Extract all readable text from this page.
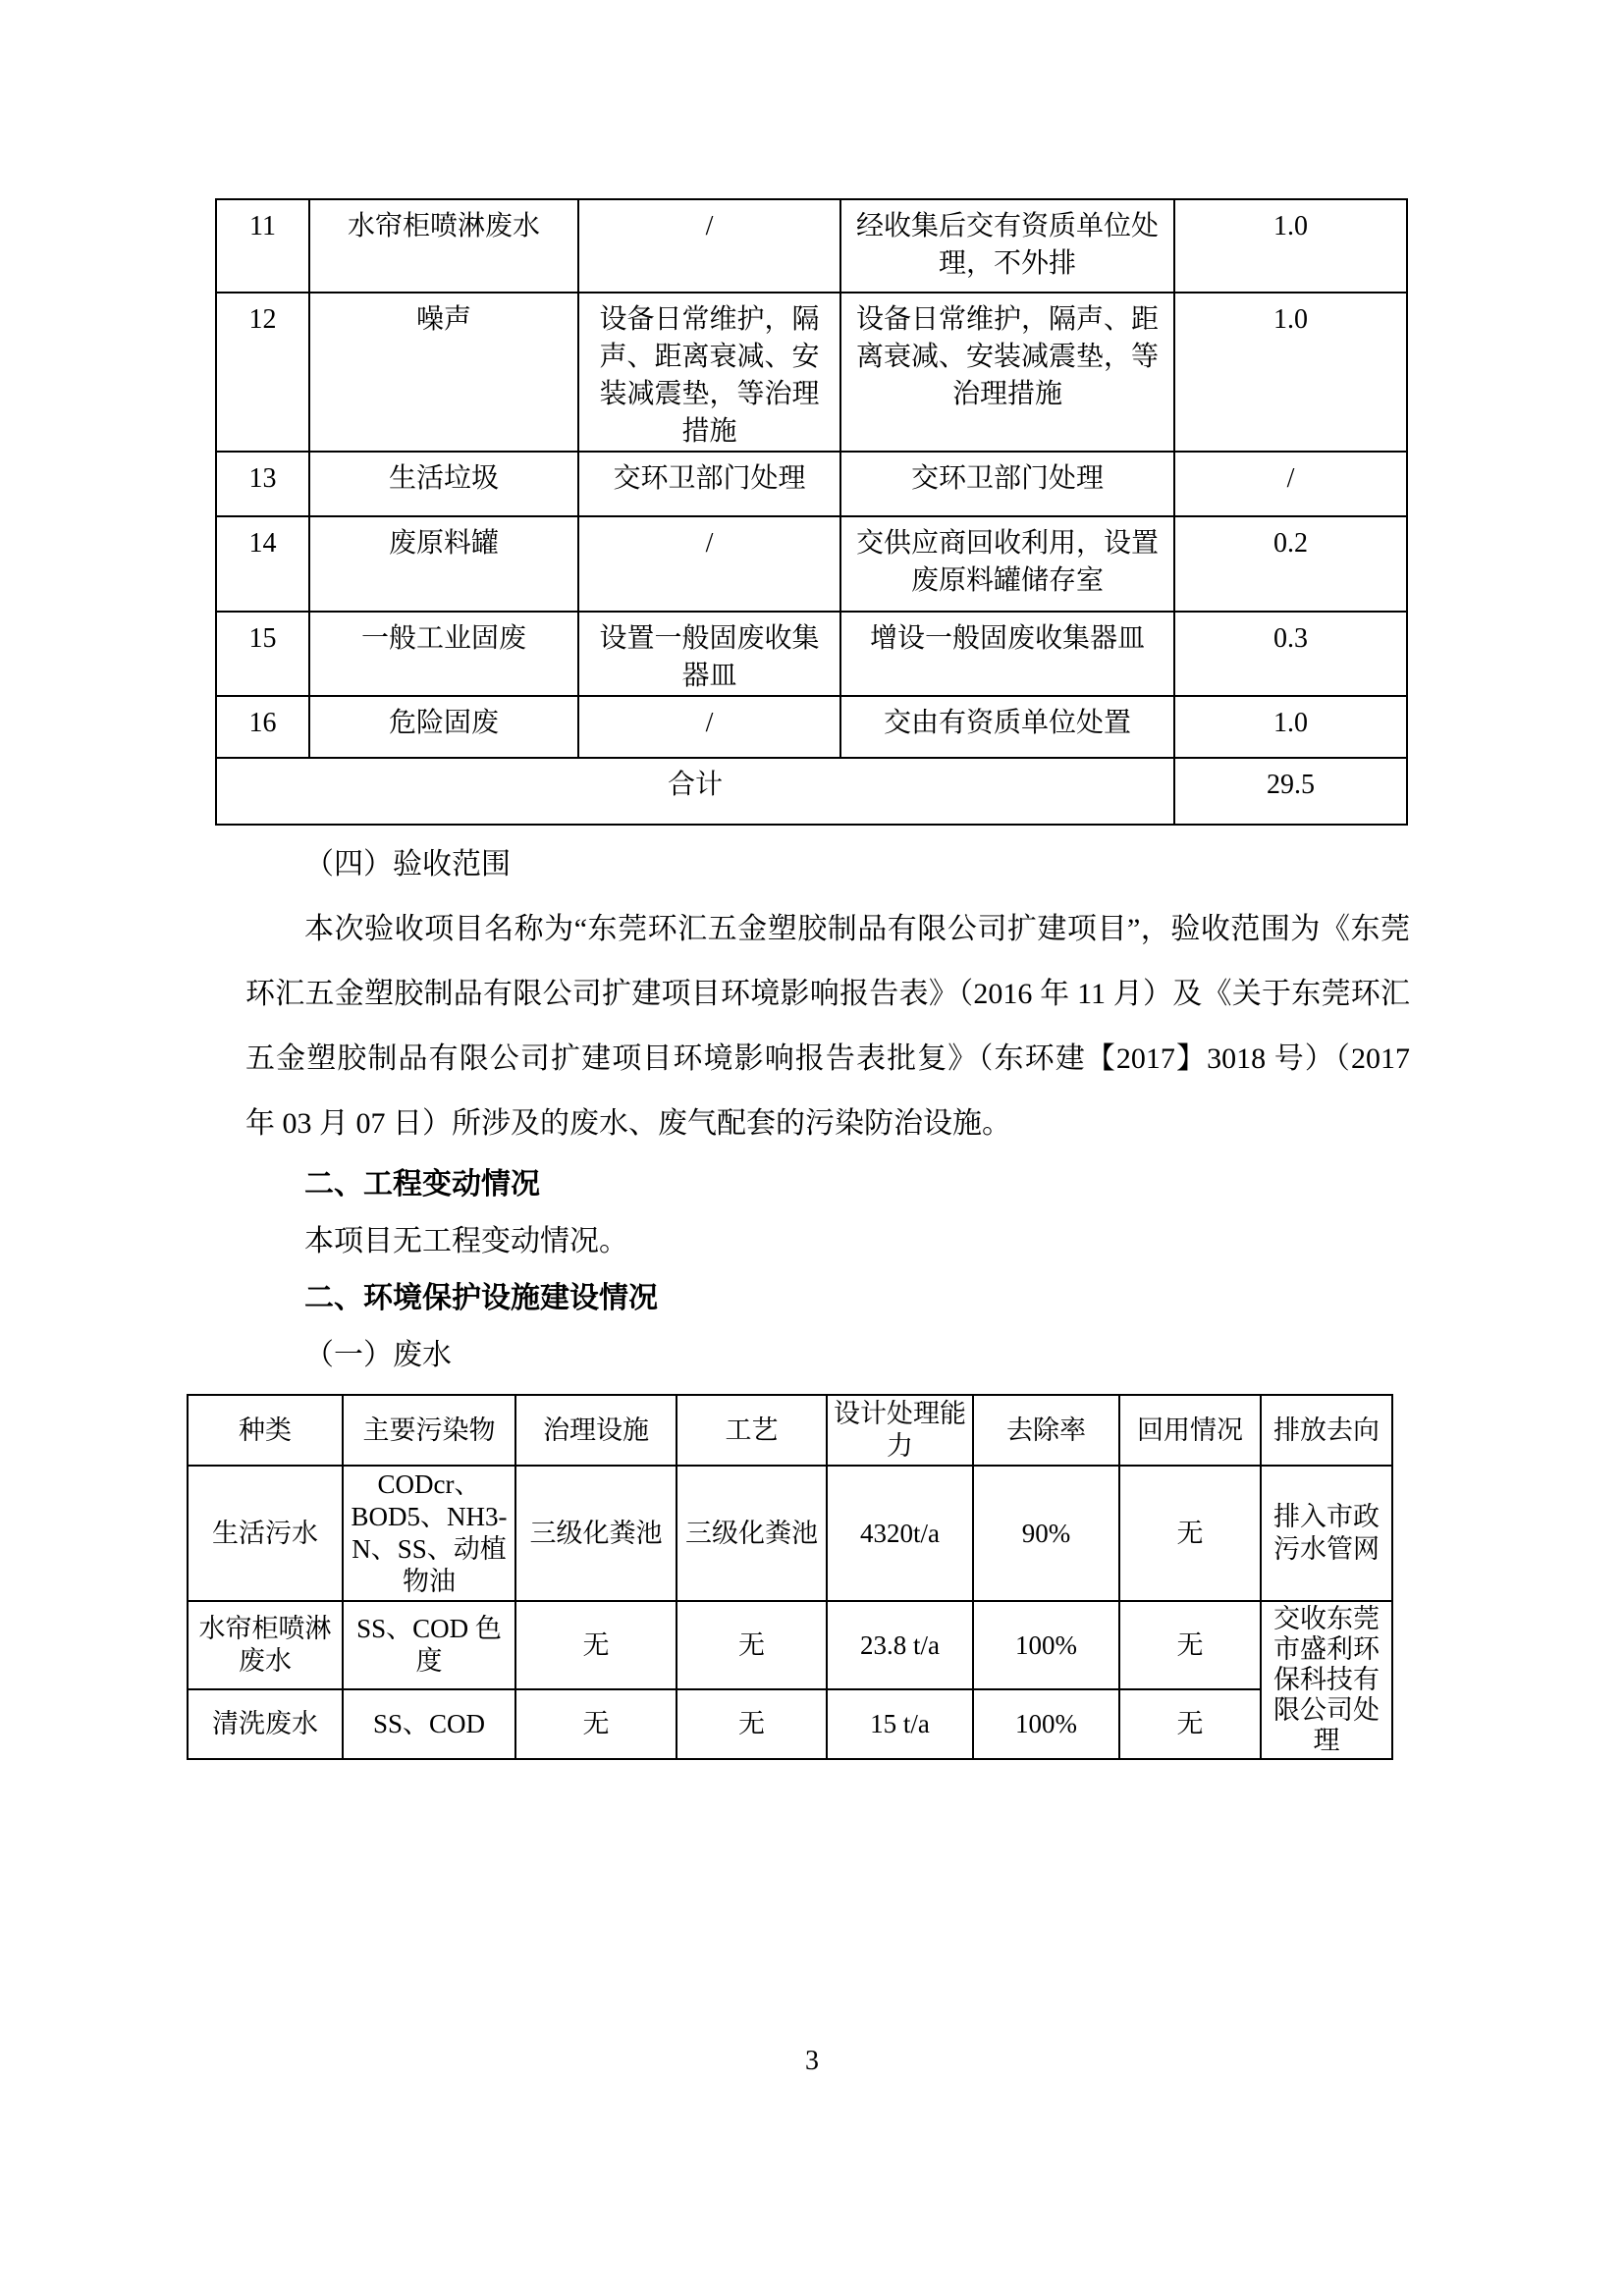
11	水帘柜喷淋废水	/	经收集后交有资质单位处理，不外排	1.0
12	噪声	设备日常维护，隔声、距离衰减、安装减震垫，等治理措施	设备日常维护，隔声、距离衰减、安装减震垫，等治理措施	1.0
13	生活垃圾	交环卫部门处理	交环卫部门处理	/
14	废原料罐	/	交供应商回收利用，设置废原料罐储存室	0.2
15	一般工业固废	设置一般固废收集器皿	增设一般固废收集器皿	0.3
16	危险固废	/	交由有资质单位处置	1.0
合计				29.5
（四）验收范围
本次验收项目名称为“东莞环汇五金塑胶制品有限公司扩建项目”，验收范围为《东莞
环汇五金塑胶制品有限公司扩建项目环境影响报告表》（2016 年 11 月）及《关于东莞环汇
五金塑胶制品有限公司扩建项目环境影响报告表批复》（东环建【2017】3018 号）（2017
年 03 月 07 日）所涉及的废水、废气配套的污染防治设施。
二、工程变动情况
本项目无工程变动情况。
二、环境保护设施建设情况
（一）废水
种类	主要污染物	治理设施	工艺	设计处理能力	去除率	回用情况	排放去向
生活污水	CODcr、BOD5、NH3-N、SS、动植物油	三级化粪池	三级化粪池	4320t/a	90%	无	排入市政污水管网
水帘柜喷淋废水	SS、COD 色度	无	无	23.8 t/a	100%	无	交收东莞市盛利环保科技有限公司处理
清洗废水	SS、COD	无	无	15 t/a	100%	无	
3
